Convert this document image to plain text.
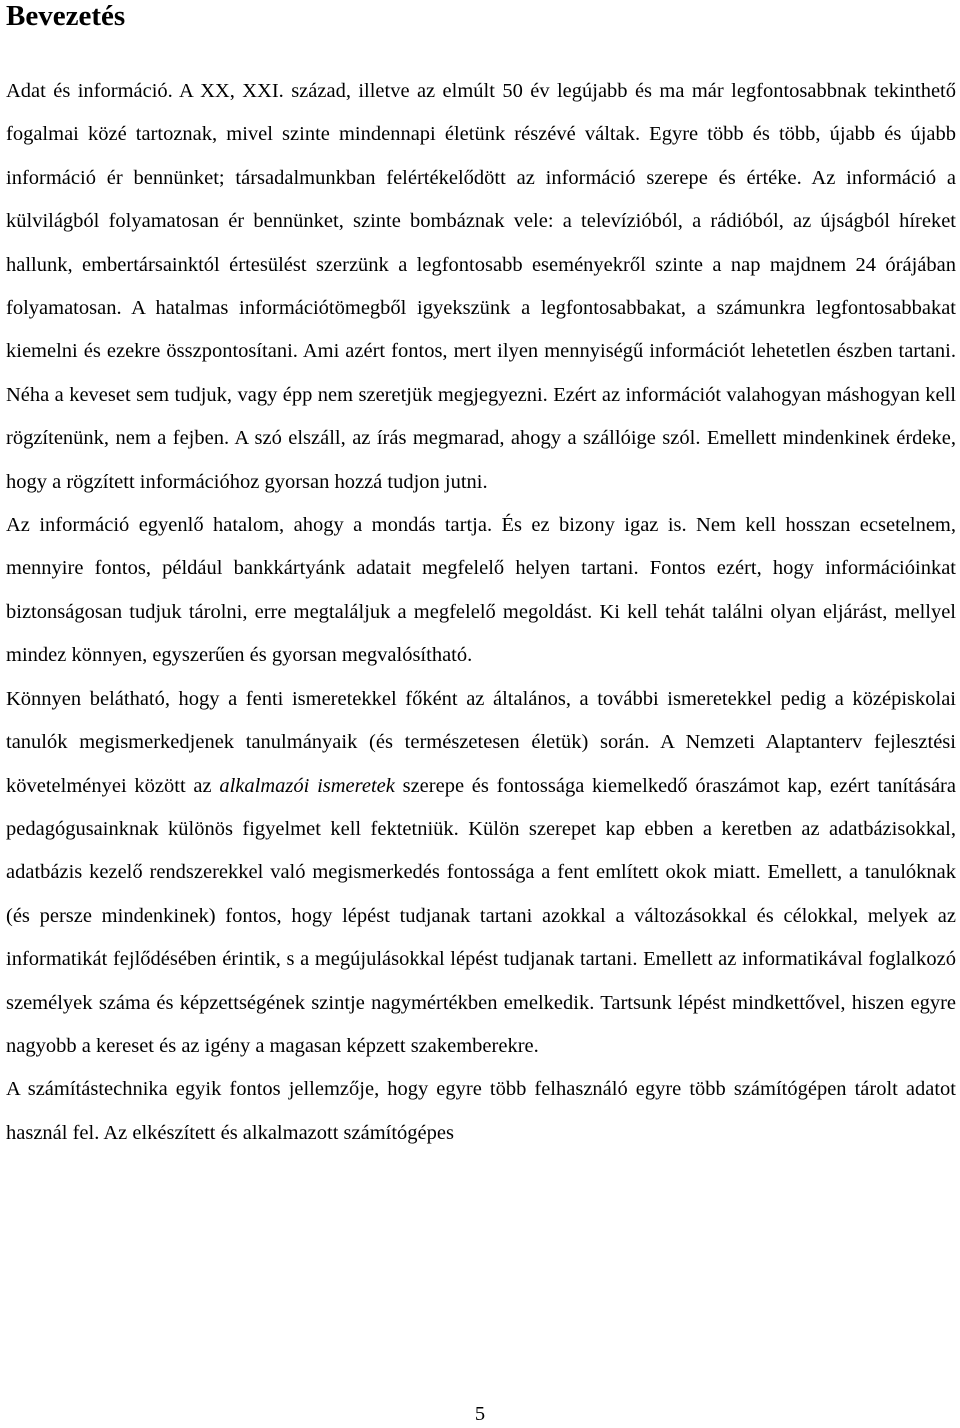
Bevezetés

Adat és információ. A XX, XXI. század, illetve az elmúlt 50 év legújabb és ma már legfontosabbnak tekinthető fogalmai közé tartoznak, mivel szinte mindennapi életünk részévé váltak. Egyre több és több, újabb és újabb információ ér bennünket; társadalmunkban felértékelődött az információ szerepe és értéke. Az információ a külvilágból folyamatosan ér bennünket, szinte bombáznak vele: a televízióból, a rádióból, az újságból híreket hallunk, embertársainktól értesülést szerzünk a legfontosabb eseményekről szinte a nap majdnem 24 órájában folyamatosan. A hatalmas információtömegből igyekszünk a legfontosabbakat, a számunkra legfontosabbakat kiemelni és ezekre összpontosítani. Ami azért fontos, mert ilyen mennyiségű információt lehetetlen észben tartani. Néha a keveset sem tudjuk, vagy épp nem szeretjük megjegyezni. Ezért az információt valahogyan máshogyan kell rögzítenünk, nem a fejben. A szó elszáll, az írás megmarad, ahogy a szállóige szól. Emellett mindenkinek érdeke, hogy a rögzített információhoz gyorsan hozzá tudjon jutni.

Az információ egyenlő hatalom, ahogy a mondás tartja. És ez bizony igaz is. Nem kell hosszan ecsetelnem, mennyire fontos, például bankkártyánk adatait megfelelő helyen tartani. Fontos ezért, hogy információinkat biztonságosan tudjuk tárolni, erre megtaláljuk a megfelelő megoldást. Ki kell tehát találni olyan eljárást, mellyel mindez könnyen, egyszerűen és gyorsan megvalósítható.

Könnyen belátható, hogy a fenti ismeretekkel főként az általános, a további ismeretekkel pedig a középiskolai tanulók megismerkedjenek tanulmányaik (és természetesen életük) során. A Nemzeti Alaptanterv fejlesztési követelményei között az alkalmazói ismeretek szerepe és fontossága kiemelkedő óraszámot kap, ezért tanítására pedagógusainknak különös figyelmet kell fektetniük. Külön szerepet kap ebben a keretben az adatbázisokkal, adatbázis kezelő rendszerekkel való megismerkedés fontossága a fent említett okok miatt. Emellett, a tanulóknak (és persze mindenkinek) fontos, hogy lépést tudjanak tartani azokkal a változásokkal és célokkal, melyek az informatikát fejlődésében érintik, s a megújulásokkal lépést tudjanak tartani. Emellett az informatikával foglalkozó személyek száma és képzettségének szintje nagymértékben emelkedik. Tartsunk lépést mindkettővel, hiszen egyre nagyobb a kereset és az igény a magasan képzett szakemberekre.

A számítástechnika egyik fontos jellemzője, hogy egyre több felhasználó egyre több számítógépen tárolt adatot használ fel. Az elkészített és alkalmazott számítógépes

5
